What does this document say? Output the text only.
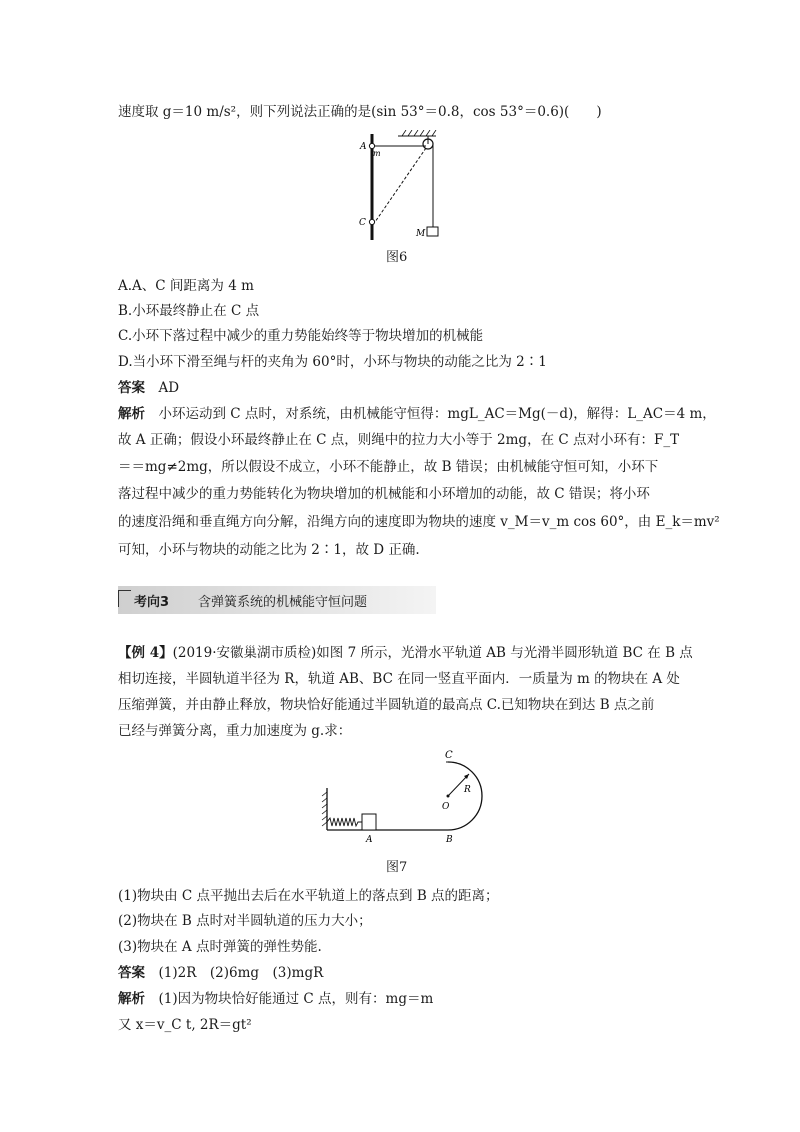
速度取 g＝10 m/s²，则下列说法正确的是(sin 53°＝0.8，cos 53°＝0.6)(　　)
A
m
C
M
图6
A.A、C 间距离为 4 m
B.小环最终静止在 C 点
C.小环下落过程中减少的重力势能始终等于物块增加的机械能
D.当小环下滑至绳与杆的夹角为 60°时，小环与物块的动能之比为 2∶1
答案　 AD
解析　 小环运动到 C 点时，对系统，由机械能守恒得：mgL_AC＝Mg(－d)，解得：L_AC＝4 m，
故 A 正确；假设小环最终静止在 C 点，则绳中的拉力大小等于 2mg，在 C 点对小环有：F_T
＝＝mg≠2mg，所以假设不成立，小环不能静止，故 B 错误；由机械能守恒可知，小环下
落过程中减少的重力势能转化为物块增加的机械能和小环增加的动能，故 C 错误；将小环
的速度沿绳和垂直绳方向分解，沿绳方向的速度即为物块的速度 v_M＝v_m cos 60°，由 E_k＝mv²
可知，小环与物块的动能之比为 2∶1，故 D 正确.
考向3 含弹簧系统的机械能守恒问题
【例 4】(2019·安徽巢湖市质检)如图 7 所示，光滑水平轨道 AB 与光滑半圆形轨道 BC 在 B 点
相切连接，半圆轨道半径为 R，轨道 AB、BC 在同一竖直平面内．一质量为 m 的物块在 A 处
压缩弹簧，并由静止释放，物块恰好能通过半圆轨道的最高点 C.已知物块在到达 B 点之前
已经与弹簧分离，重力加速度为 g.求：
C
R
O
A	B
图7
(1)物块由 C 点平抛出去后在水平轨道上的落点到 B 点的距离；
(2)物块在 B 点时对半圆轨道的压力大小；
(3)物块在 A 点时弹簧的弹性势能.
答案　 (1)2R　(2)6mg　(3)mgR
解析　 (1)因为物块恰好能通过 C 点，则有：mg＝m
又 x＝v_C t, 2R＝gt²
